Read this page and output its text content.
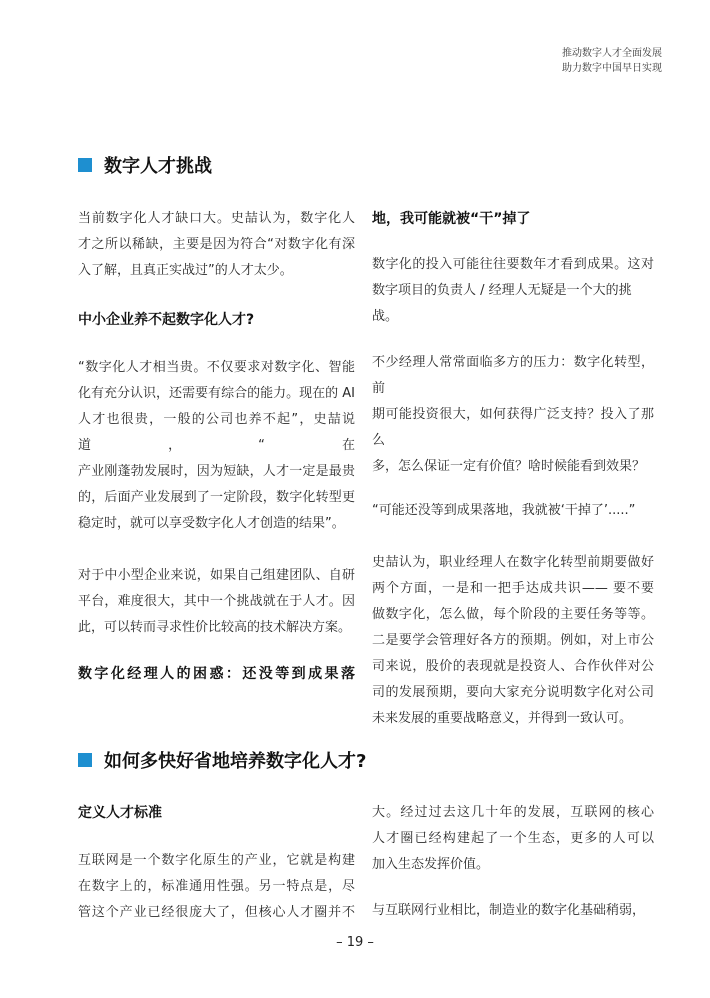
推动数字人才全面发展
助力数字中国早日实现
数字人才挑战

当前数字化人才缺口大。史喆认为，数字化人

才之所以稀缺，主要是因为符合“对数字化有深

入了解，且真正实战过”的人才太少。

中小企业养不起数字化人才?

“数字化人才相当贵。不仅要求对数字化、智能

化有充分认识，还需要有综合的能力。现在的 AI

人才也很贵，一般的公司也养不起”，史喆说道，“在

产业刚蓬勃发展时，因为短缺，人才一定是最贵

的，后面产业发展到了一定阶段，数字化转型更

稳定时，就可以享受数字化人才创造的结果”。

对于中小型企业来说，如果自己组建团队、自研

平台，难度很大，其中一个挑战就在于人才。因

此，可以转而寻求性价比较高的技术解决方案。

数字化经理人的困惑：还没等到成果落

地，我可能就被“干”掉了

数字化的投入可能往往要数年才看到成果。这对

数字项目的负责人 / 经理人无疑是一个大的挑战。

不少经理人常常面临多方的压力：数字化转型，前

期可能投资很大，如何获得广泛支持？投入了那么

多，怎么保证一定有价值？啥时候能看到效果？

“可能还没等到成果落地，我就被‘干掉了’.....”

史喆认为，职业经理人在数字化转型前期要做好

两个方面，一是和一把手达成共识—— 要不要

做数字化，怎么做，每个阶段的主要任务等等。

二是要学会管理好各方的预期。例如，对上市公

司来说，股价的表现就是投资人、合作伙伴对公

司的发展预期，要向大家充分说明数字化对公司

未来发展的重要战略意义，并得到一致认可。

如何多快好省地培养数字化人才?

定义人才标准

互联网是一个数字化原生的产业，它就是构建

在数字上的，标准通用性强。另一特点是，尽

管这个产业已经很庞大了，但核心人才圈并不

大。经过过去这几十年的发展，互联网的核心

人才圈已经构建起了一个生态，更多的人可以

加入生态发挥价值。

与互联网行业相比，制造业的数字化基础稍弱，

– 19 –
